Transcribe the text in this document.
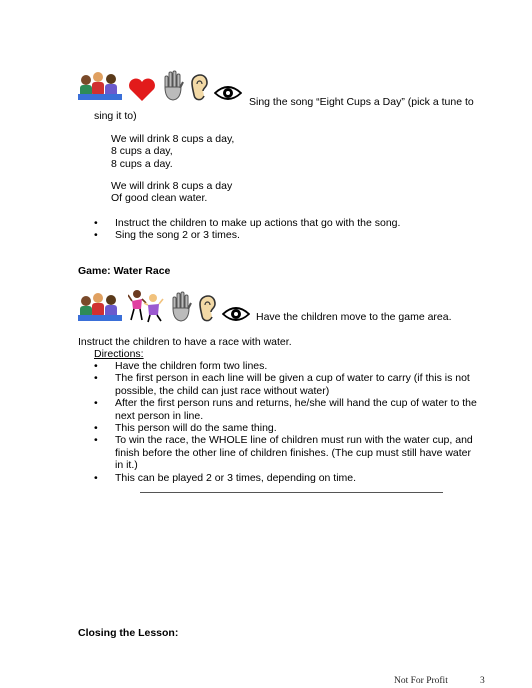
Sing the song “Eight Cups a Day” (pick a tune to
sing it to)
We will drink 8 cups a day,
8 cups a day,
8 cups a day.
We will drink 8 cups a day
Of good clean water.
• Instruct the children to make up actions that go with the song.
• Sing the song 2 or 3 times.
Game: Water Race
Have the children move to the game area.
Instruct the children to have a race with water.
Directions:
• Have the children form two lines.
• The first person in each line will be given a cup of water to carry (if this is not possible, the child can just race without water)
• After the first person runs and returns, he/she will hand the cup of water to the next person in line.
• This person will do the same thing.
• To win the race, the WHOLE line of children must run with the water cup, and finish before the other line of children finishes. (The cup must still have water in it.)
• This can be played 2 or 3 times, depending on time.
Closing the Lesson:
Not For Profit	3
